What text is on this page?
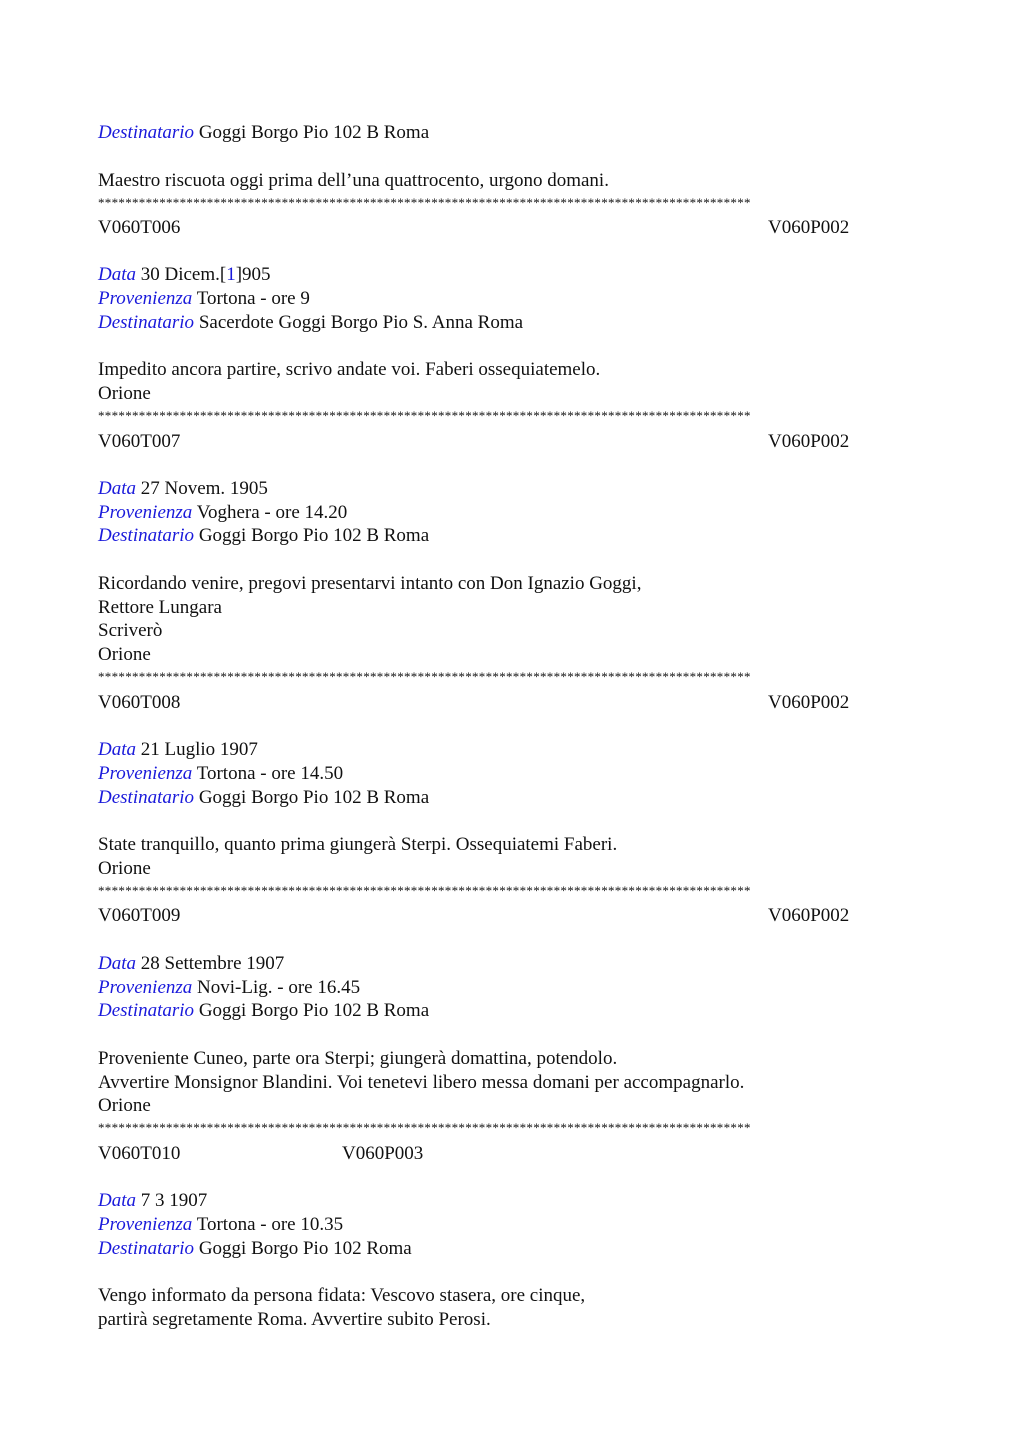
Destinatario Goggi Borgo Pio 102 B Roma
Maestro riscuota oggi prima dell’una quattrocento, urgono domani.
************************************************************************************************
V060T006	V060P002
Data 30 Dicem.[1]905
Provenienza Tortona - ore 9
Destinatario Sacerdote Goggi Borgo Pio S. Anna Roma
Impedito ancora partire, scrivo andate voi. Faberi ossequiatemelo.
Orione
************************************************************************************************
V060T007	V060P002
Data 27 Novem. 1905
Provenienza Voghera - ore 14.20
Destinatario Goggi Borgo Pio 102 B Roma
Ricordando venire, pregovi presentarvi intanto con Don Ignazio Goggi,
Rettore Lungara
Scriverò
Orione
************************************************************************************************
V060T008	V060P002
Data 21 Luglio 1907
Provenienza Tortona - ore 14.50
Destinatario Goggi Borgo Pio 102 B Roma
State tranquillo, quanto prima giungerà Sterpi. Ossequiatemi Faberi.
Orione
************************************************************************************************
V060T009	V060P002
Data 28 Settembre 1907
Provenienza Novi-Lig. - ore 16.45
Destinatario Goggi Borgo Pio 102 B Roma
Proveniente Cuneo, parte ora Sterpi; giungerà domattina, potendolo.
Avvertire Monsignor Blandini. Voi tenetevi libero messa domani per accompagnarlo.
Orione
************************************************************************************************
V060T010	V060P003
Data 7 3 1907
Provenienza Tortona - ore 10.35
Destinatario Goggi Borgo Pio 102 Roma
Vengo informato da persona fidata: Vescovo stasera, ore cinque,
partirà segretamente Roma. Avvertire subito Perosi.
